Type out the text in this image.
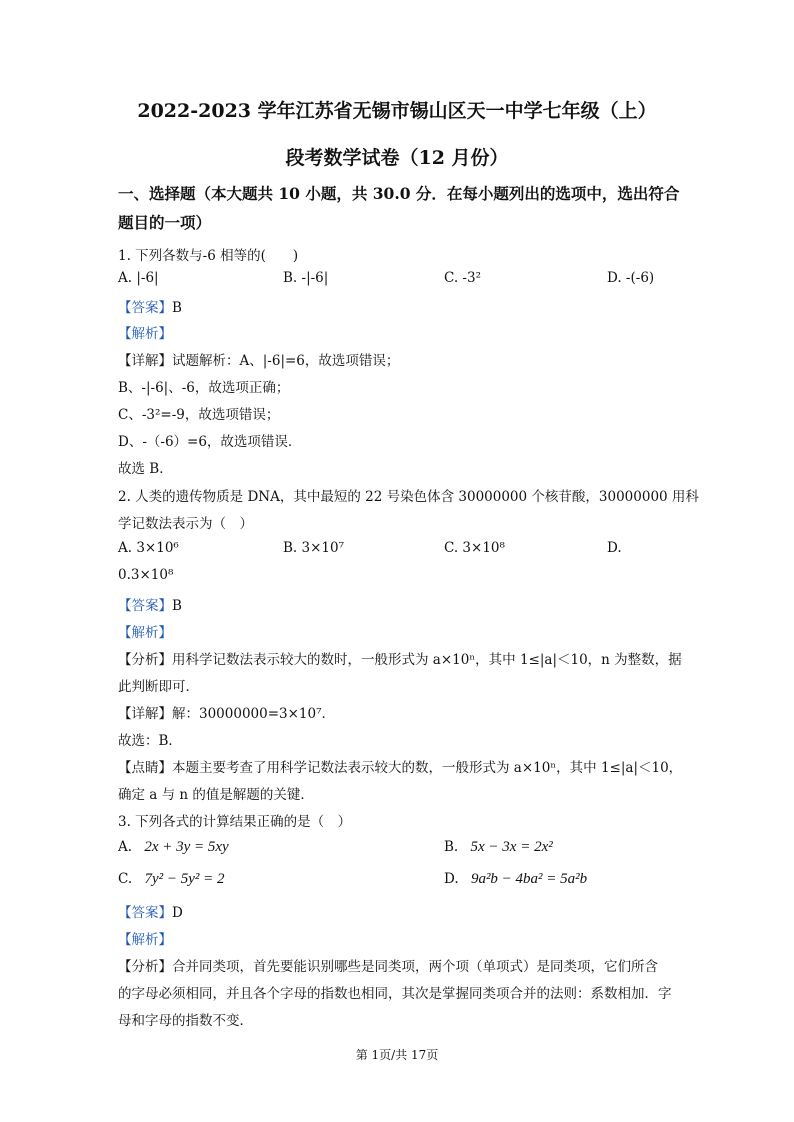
2022-2023 学年江苏省无锡市锡山区天一中学七年级（上）
段考数学试卷（12 月份）
一、选择题（本大题共 10 小题，共 30.0 分．在每小题列出的选项中，选出符合
题目的一项）
1. 下列各数与-6 相等的(　　)
A. |-6|	B. -|-6|	C. -3²	D. -(-6)
【答案】B
【解析】
【详解】试题解析：A、|-6|=6，故选项错误；
B、-|-6|、-6，故选项正确；
C、-3²=-9，故选项错误；
D、-（-6）=6，故选项错误．
故选 B．
2. 人类的遗传物质是 DNA，其中最短的 22 号染色体含 30000000 个核苷酸，30000000 用科
学记数法表示为（　）
A. 3×10⁶	B. 3×10⁷	C. 3×10⁸	D.
0.3×10⁸
【答案】B
【解析】
【分析】用科学记数法表示较大的数时，一般形式为 a×10ⁿ，其中 1≤|a|＜10，n 为整数，据
此判断即可．
【详解】解：30000000=3×10⁷．
故选：B．
【点睛】本题主要考查了用科学记数法表示较大的数，一般形式为 a×10ⁿ，其中 1≤|a|＜10，
确定 a 与 n 的值是解题的关键．
3. 下列各式的计算结果正确的是（　）
A. 2x + 3y = 5xy	B. 5x − 3x = 2x²
C. 7y² − 5y² = 2	D. 9a²b − 4ba² = 5a²b
【答案】D
【解析】
【分析】合并同类项，首先要能识别哪些是同类项，两个项（单项式）是同类项，它们所含
的字母必须相同，并且各个字母的指数也相同，其次是掌握同类项合并的法则：系数相加．字
母和字母的指数不变．
第 1页/共 17页
